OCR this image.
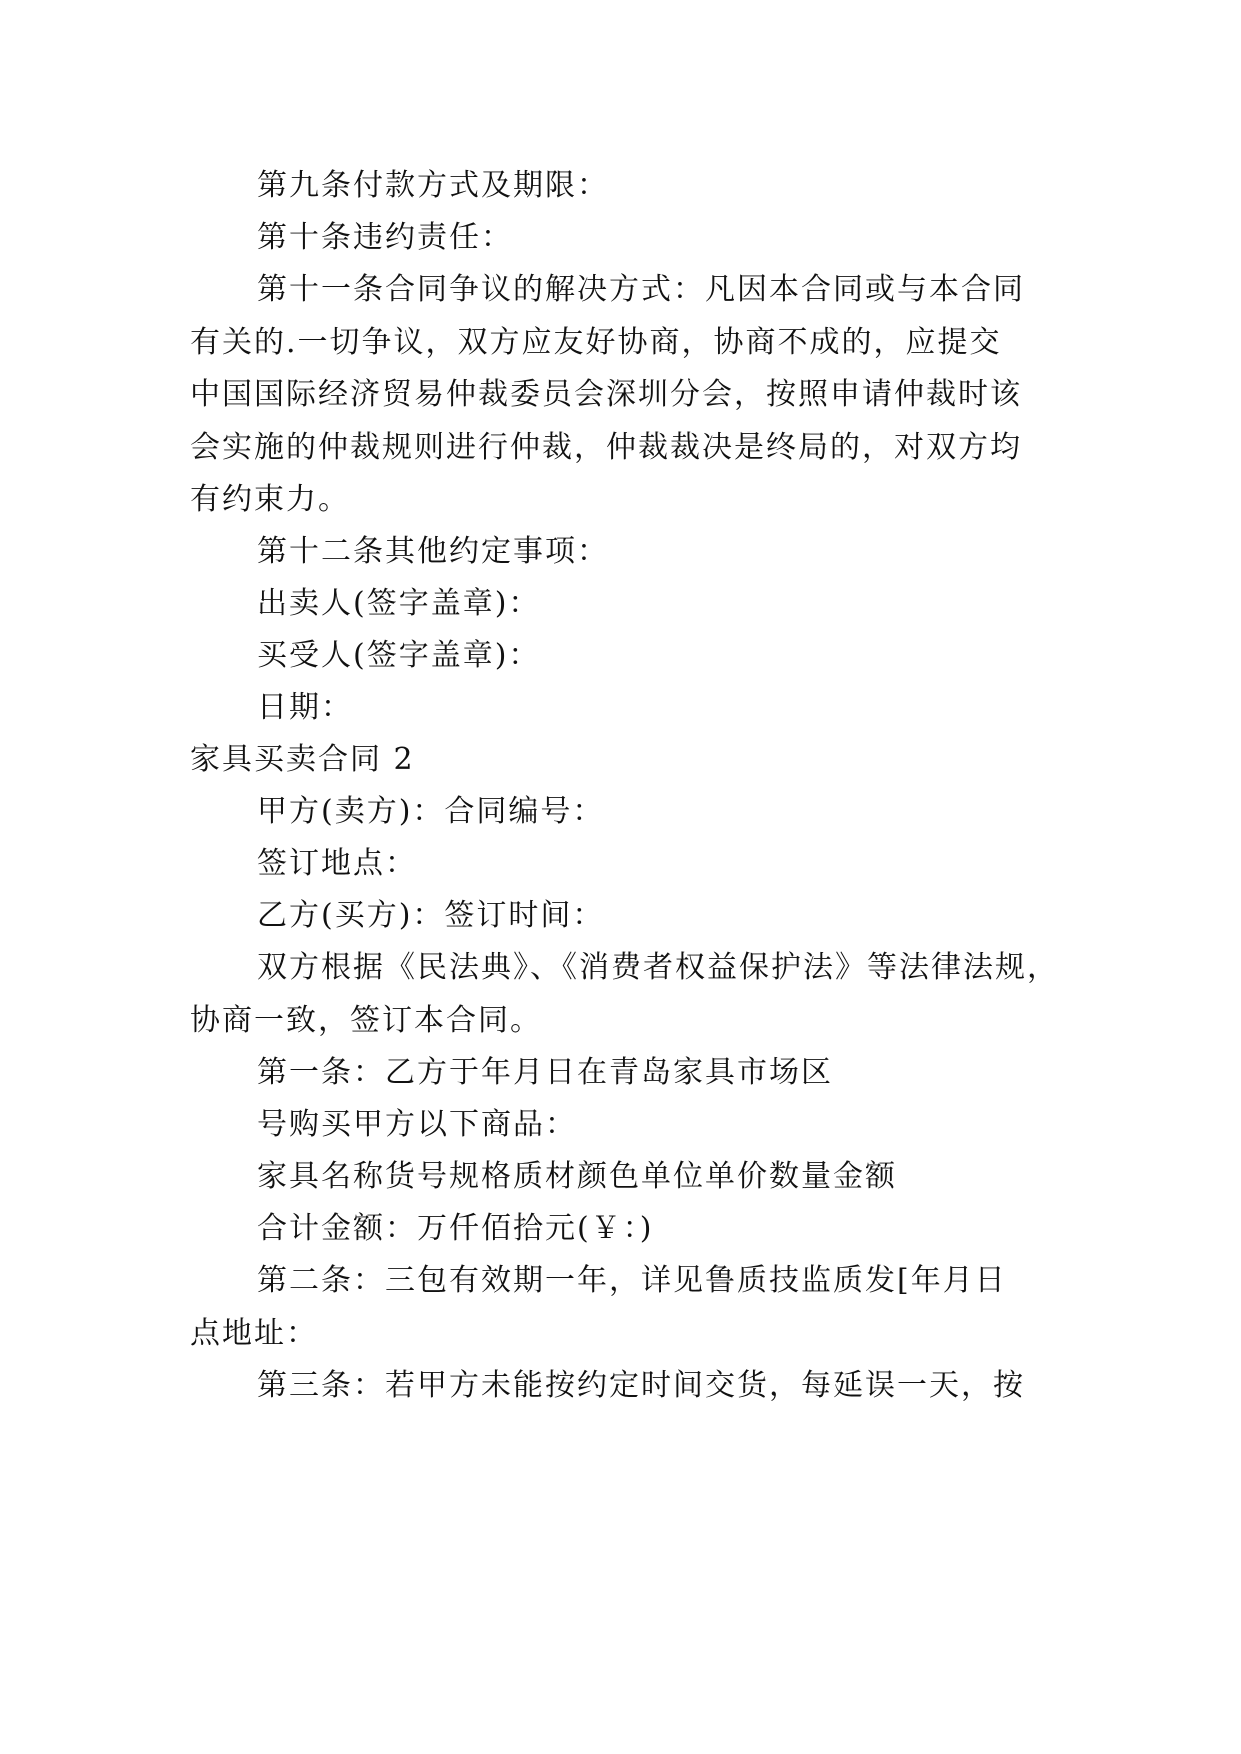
第九条付款方式及期限：
第十条违约责任：
第十一条合同争议的解决方式：凡因本合同或与本合同
有关的.一切争议，双方应友好协商，协商不成的，应提交
中国国际经济贸易仲裁委员会深圳分会，按照申请仲裁时该
会实施的仲裁规则进行仲裁，仲裁裁决是终局的，对双方均
有约束力。
第十二条其他约定事项：
出卖人(签字盖章)：
买受人(签字盖章)：
日期：
家具买卖合同 2
甲方(卖方)：合同编号：
签订地点：
乙方(买方)：签订时间：
双方根据《民法典》、《消费者权益保护法》等法律法规，
协商一致，签订本合同。
第一条：乙方于年月日在青岛家具市场区
号购买甲方以下商品：
家具名称货号规格质材颜色单位单价数量金额
合计金额：万仟佰拾元(￥：)
第二条：三包有效期一年，详见鲁质技监质发[年月日
点地址：
第三条：若甲方未能按约定时间交货，每延误一天，按
